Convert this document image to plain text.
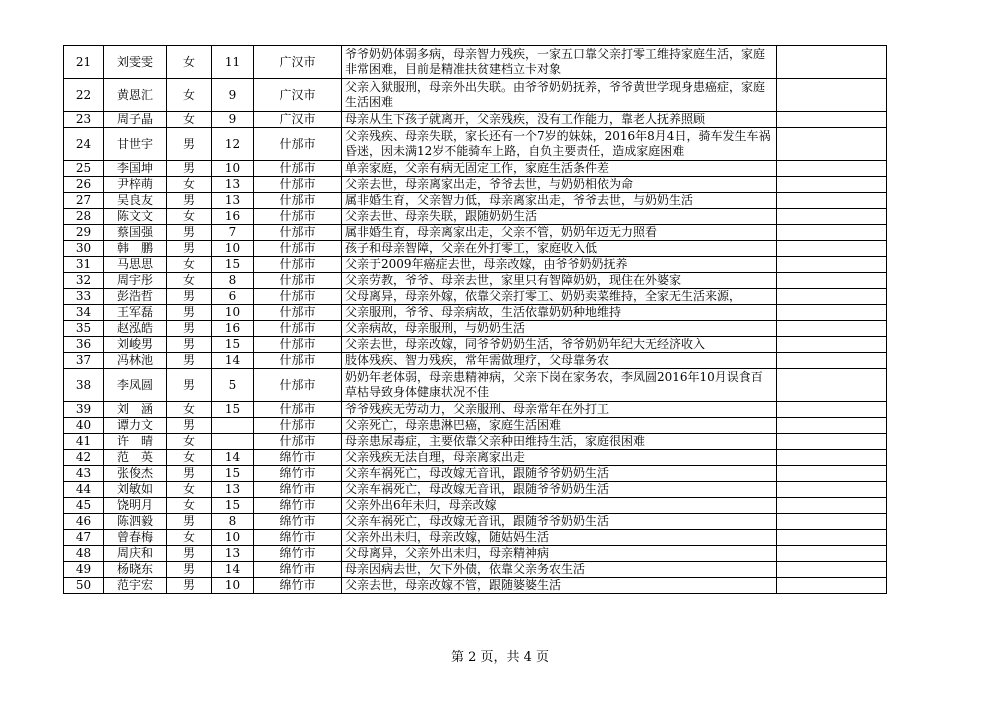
21	刘雯雯	女	11	广汉市	爷爷奶奶体弱多病，母亲智力残疾，一家五口靠父亲打零工维持家庭生活，家庭非常困难，目前是精准扶贫建档立卡对象	
22	黄恩汇	女	9	广汉市	父亲入狱服刑，母亲外出失联。由爷爷奶奶抚养，爷爷黄世学现身患癌症，家庭生活困难	
23	周子晶	女	9	广汉市	母亲从生下孩子就离开，父亲残疾，没有工作能力，靠老人抚养照顾	
24	甘世宇	男	12	什邡市	父亲残疾、母亲失联，家长还有一个7岁的妹妹，2016年8月4日，骑车发生车祸昏迷，因未满12岁不能骑车上路，自负主要责任，造成家庭困难	
25	李国坤	男	10	什邡市	单亲家庭，父亲有病无固定工作，家庭生活条件差	
26	尹梓萌	女	13	什邡市	父亲去世，母亲离家出走，爷爷去世，与奶奶相依为命	
27	吴良友	男	13	什邡市	属非婚生育，父亲智力低，母亲离家出走，爷爷去世，与奶奶生活	
28	陈文文	女	16	什邡市	父亲去世、母亲失联，跟随奶奶生活	
29	蔡国强	男	7	什邡市	属非婚生育，母亲离家出走，父亲不管，奶奶年迈无力照看	
30	韩　鹏	男	10	什邡市	孩子和母亲智障，父亲在外打零工，家庭收入低	
31	马思思	女	15	什邡市	父亲于2009年癌症去世，母亲改嫁，由爷爷奶奶抚养	
32	周宇彤	女	8	什邡市	父亲劳教，爷爷、母亲去世，家里只有智障奶奶，现住在外婆家	
33	彭浩哲	男	6	什邡市	父母离异，母亲外嫁，依靠父亲打零工、奶奶卖菜维持，全家无生活来源，	
34	王军磊	男	10	什邡市	父亲服刑，爷爷、母亲病故，生活依靠奶奶种地维持	
35	赵泓皓	男	16	什邡市	父亲病故，母亲服刑，与奶奶生活	
36	刘峻男	男	15	什邡市	父亲去世，母亲改嫁，同爷爷奶奶生活，爷爷奶奶年纪大无经济收入	
37	冯林池	男	14	什邡市	肢体残疾、智力残疾，常年需做理疗，父母靠务农	
38	李凤圆	男	5	什邡市	奶奶年老体弱，母亲患精神病，父亲下岗在家务农，李凤圆2016年10月误食百草枯导致身体健康状况不佳	
39	刘　涵	女	15	什邡市	爷爷残疾无劳动力，父亲服刑、母亲常年在外打工	
40	谭力文	男		什邡市	父亲死亡，母亲患淋巴癌，家庭生活困难	
41	许　晴	女		什邡市	母亲患尿毒症，主要依靠父亲种田维持生活，家庭很困难	
42	范　英	女	14	绵竹市	父亲残疾无法自理，母亲离家出走	
43	张俊杰	男	15	绵竹市	父亲车祸死亡，母改嫁无音讯，跟随爷爷奶奶生活	
44	刘敏如	女	13	绵竹市	父亲车祸死亡，母改嫁无音讯，跟随爷爷奶奶生活	
45	饶明月	女	15	绵竹市	父亲外出6年未归，母亲改嫁	
46	陈泗毅	男	8	绵竹市	父亲车祸死亡，母改嫁无音讯，跟随爷爷奶奶生活	
47	曾春梅	女	10	绵竹市	父亲外出未归，母亲改嫁，随姑妈生活	
48	周庆和	男	13	绵竹市	父母离异，父亲外出未归，母亲精神病	
49	杨晓东	男	14	绵竹市	母亲因病去世，欠下外债，依靠父亲务农生活	
50	范宇宏	男	10	绵竹市	父亲去世，母亲改嫁不管，跟随婆婆生活	
第 2 页，共 4 页
